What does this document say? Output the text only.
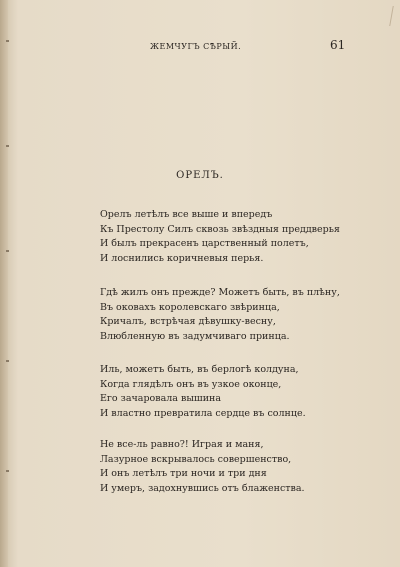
ЖЕМЧУГЪ СѢРЫЙ.	61
ОРЕЛЪ.
Орелъ летѣлъ все выше и впередъ
Къ Престолу Силъ сквозь звѣздныя преддверья
И былъ прекрасенъ царственный полетъ,
И лоснились коричневыя перья.
Гдѣ жилъ онъ прежде? Можетъ быть, въ плѣну,
Въ оковахъ королевскаго звѣринца,
Кричалъ, встрѣчая дѣвушку-весну,
Влюбленную въ задумчиваго принца.
Иль, можетъ быть, въ берлогѣ колдуна,
Когда глядѣлъ онъ въ узкое оконце,
Его зачаровала вышина
И властно превратила сердце въ солнце.
Не все-ль равно?! Играя и маня,
Лазурное вскрывалось совершенство,
И онъ летѣлъ три ночи и три дня
И умеръ, задохнувшись отъ блаженства.
